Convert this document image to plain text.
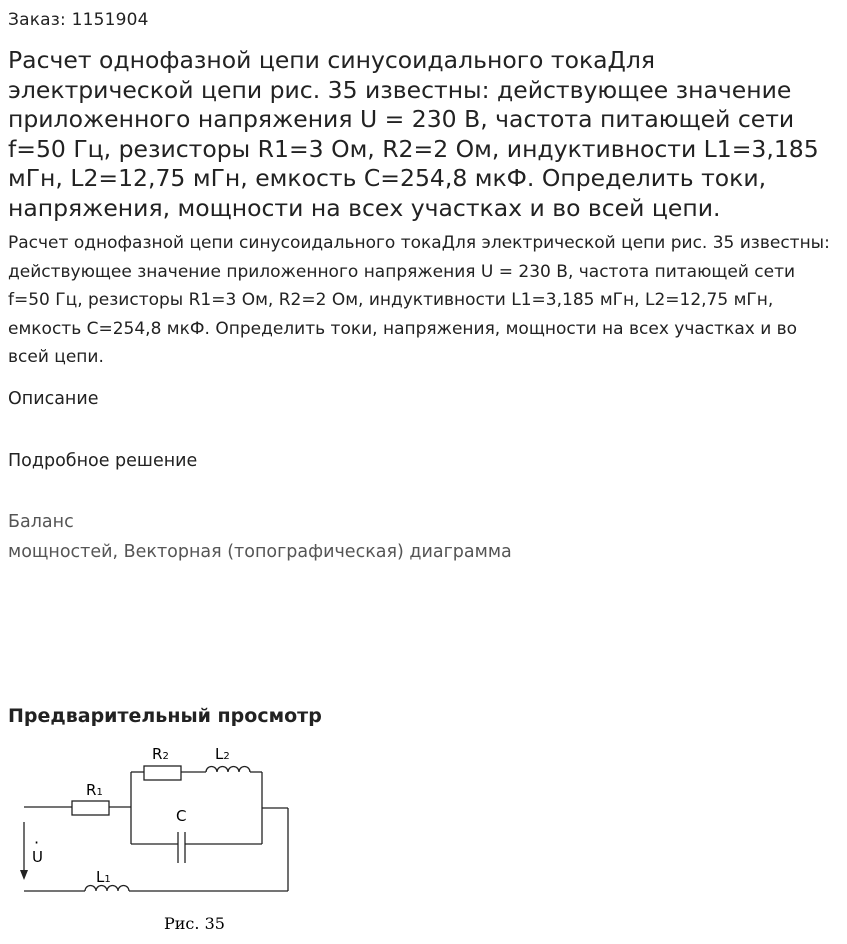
Заказ: 1151904
Расчет однофазной цепи синусоидального токаДля электрической цепи рис. 35 известны: действующее значение приложенного напряжения U = 230 В, частота питающей сети f=50 Гц, резисторы R1=3 Ом, R2=2 Ом, индуктивности L1=3,185 мГн, L2=12,75 мГн, емкость C=254,8 мкФ. Определить токи, напряжения, мощности на всех участках и во всей цепи.
Расчет однофазной цепи синусоидального токаДля электрической цепи рис. 35 известны: действующее значение приложенного напряжения U = 230 В, частота питающей сети f=50 Гц, резисторы R1=3 Ом, R2=2 Ом, индуктивности L1=3,185 мГн, L2=12,75 мГн, емкость C=254,8 мкФ. Определить токи, напряжения, мощности на всех участках и во всей цепи.
Описание
Подробное решение
Баланс
мощностей, Векторная (топографическая) диаграмма
Предварительный просмотр
R1
R2	L2
C
·
U
L1
Рис. 35
